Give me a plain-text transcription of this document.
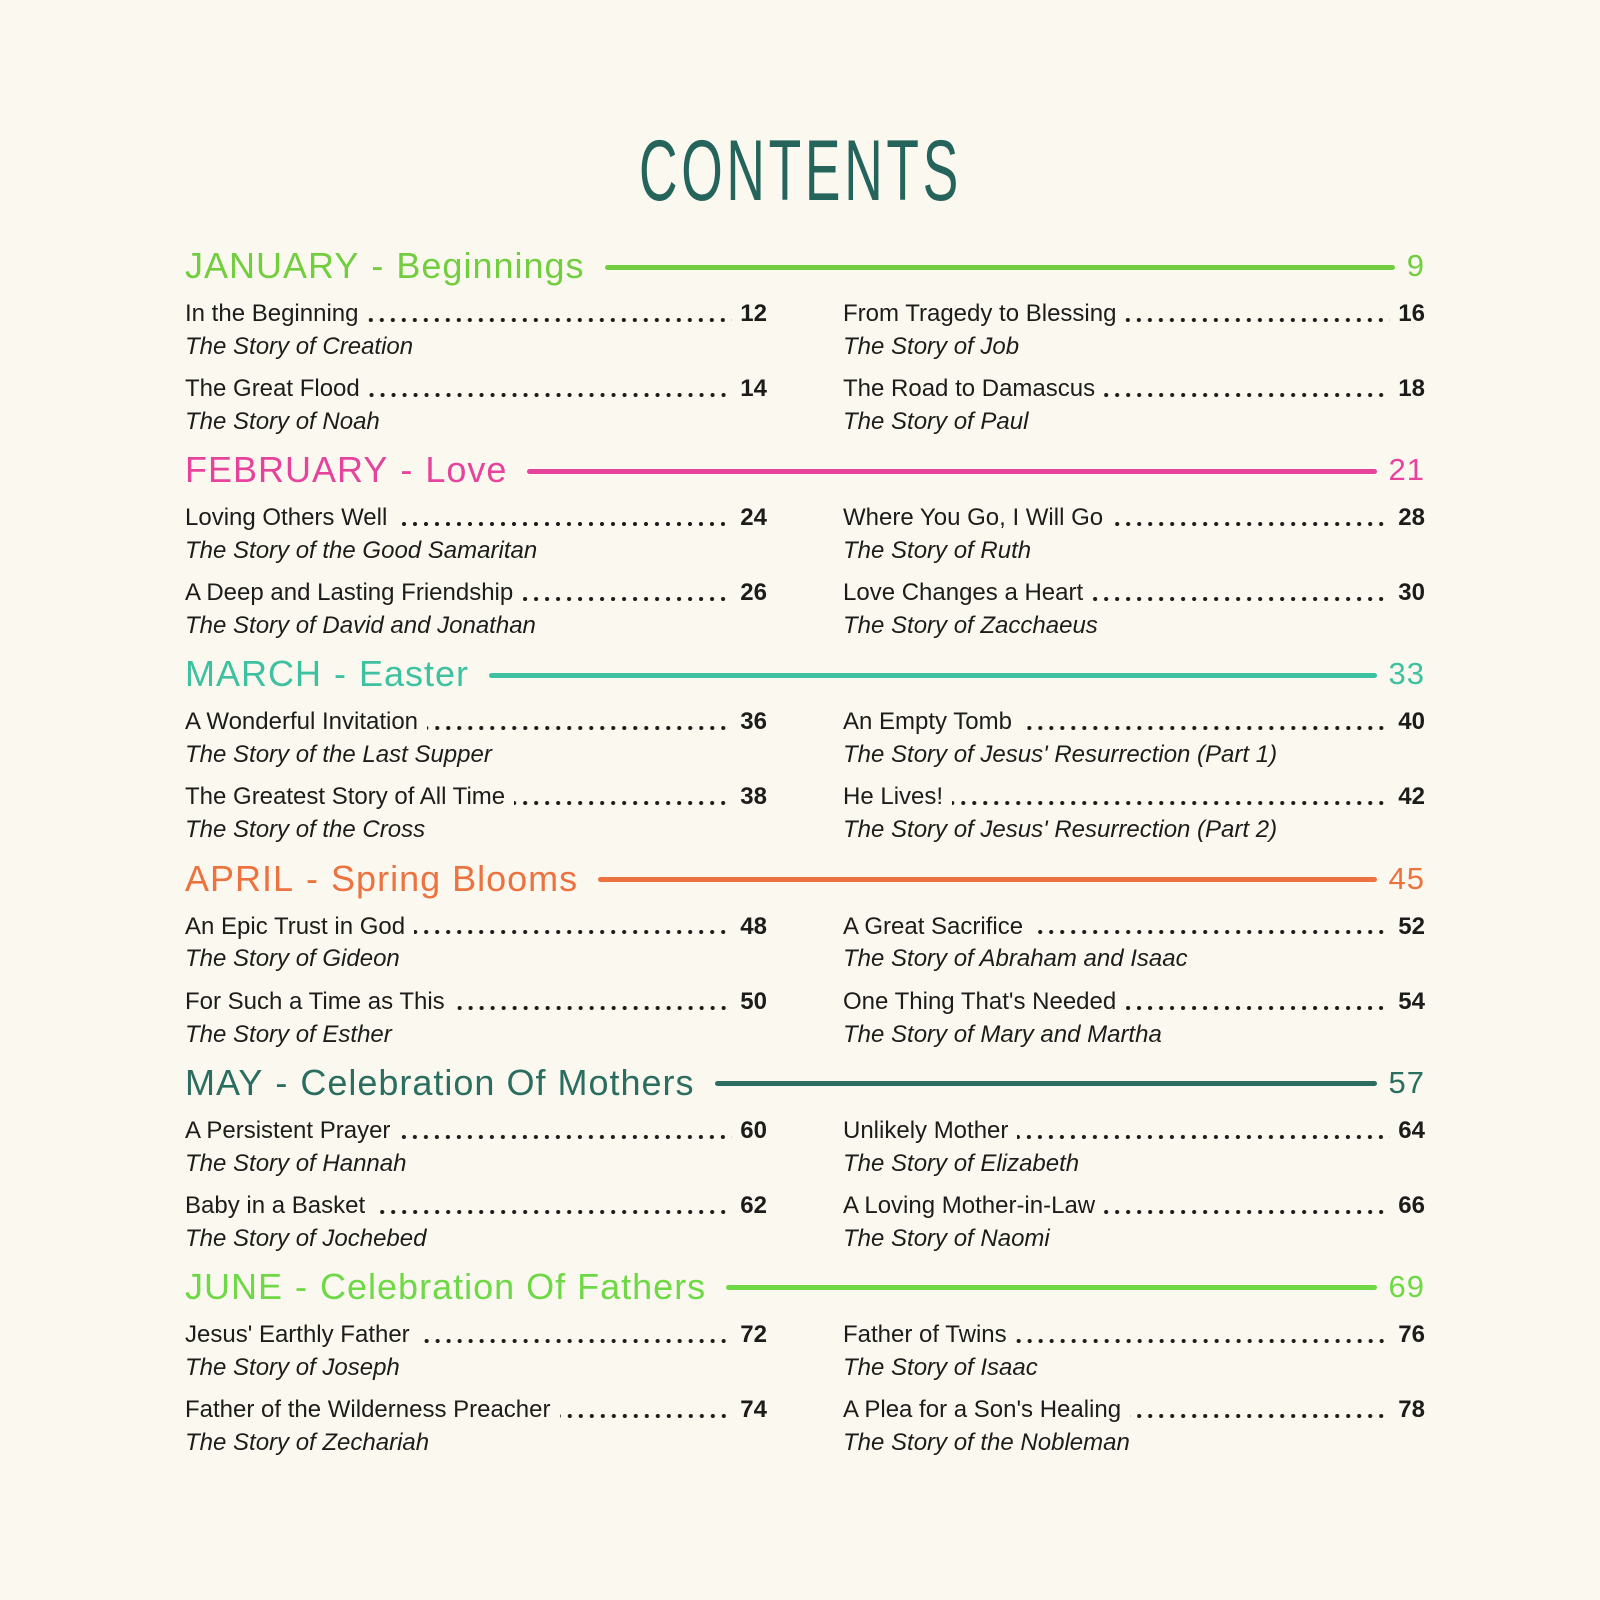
CONTENTS
JANUARY - Beginnings	9
In the Beginning	12
The Story of Creation
The Great Flood	14
The Story of Noah
From Tragedy to Blessing	16
The Story of Job
The Road to Damascus	18
The Story of Paul
FEBRUARY - Love	21
Loving Others Well	24
The Story of the Good Samaritan
A Deep and Lasting Friendship	26
The Story of David and Jonathan
Where You Go, I Will Go	28
The Story of Ruth
Love Changes a Heart	30
The Story of Zacchaeus
MARCH - Easter	33
A Wonderful Invitation	36
The Story of the Last Supper
The Greatest Story of All Time	38
The Story of the Cross
An Empty Tomb	40
The Story of Jesus' Resurrection (Part 1)
He Lives!	42
The Story of Jesus' Resurrection (Part 2)
APRIL - Spring Blooms	45
An Epic Trust in God	48
The Story of Gideon
For Such a Time as This	50
The Story of Esther
A Great Sacrifice	52
The Story of Abraham and Isaac
One Thing That's Needed	54
The Story of Mary and Martha
MAY - Celebration Of Mothers	57
A Persistent Prayer	60
The Story of Hannah
Baby in a Basket	62
The Story of Jochebed
Unlikely Mother	64
The Story of Elizabeth
A Loving Mother-in-Law	66
The Story of Naomi
JUNE - Celebration Of Fathers	69
Jesus' Earthly Father	72
The Story of Joseph
Father of the Wilderness Preacher	74
The Story of Zechariah
Father of Twins	76
The Story of Isaac
A Plea for a Son's Healing	78
The Story of the Nobleman
